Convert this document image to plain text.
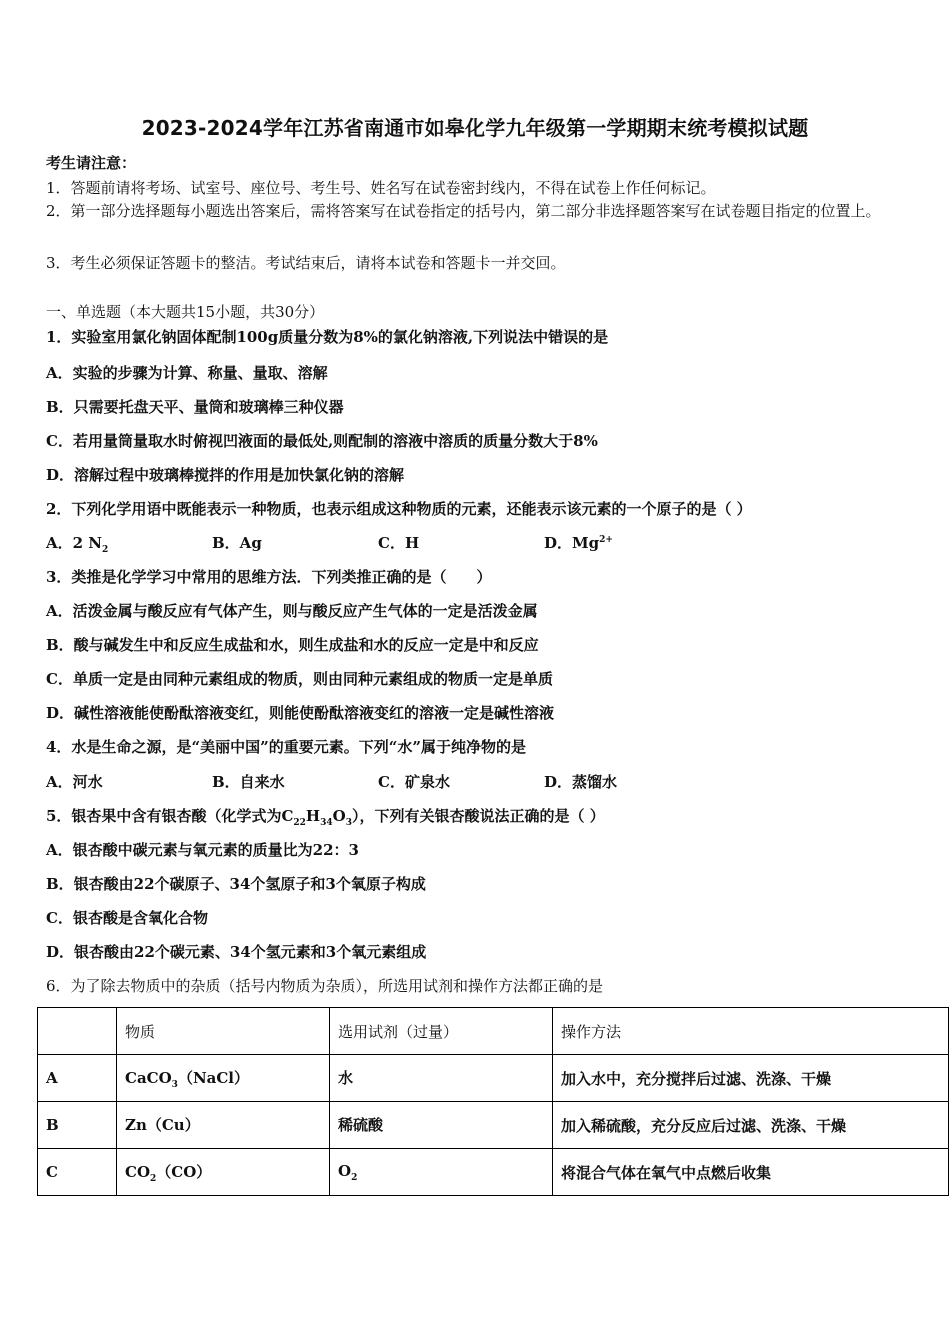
2023-2024学年江苏省南通市如皋化学九年级第一学期期末统考模拟试题
考生请注意：
1．答题前请将考场、试室号、座位号、考生号、姓名写在试卷密封线内，不得在试卷上作任何标记。
2．第一部分选择题每小题选出答案后，需将答案写在试卷指定的括号内，第二部分非选择题答案写在试卷题目指定的位置上。
3．考生必须保证答题卡的整洁。考试结束后，请将本试卷和答题卡一并交回。
一、单选题（本大题共15小题，共30分）
1．实验室用氯化钠固体配制100g质量分数为8%的氯化钠溶液,下列说法中错误的是
A．实验的步骤为计算、称量、量取、溶解
B．只需要托盘天平、量筒和玻璃棒三种仪器
C．若用量筒量取水时俯视凹液面的最低处,则配制的溶液中溶质的质量分数大于8%
D．溶解过程中玻璃棒搅拌的作用是加快氯化钠的溶解
2．下列化学用语中既能表示一种物质，也表示组成这种物质的元素，还能表示该元素的一个原子的是（ ）
A．2 $N_2$	B．Ag	C．H	D．$Mg^{2+}$
3．类推是化学学习中常用的思维方法．下列类推正确的是（　　）
A．活泼金属与酸反应有气体产生，则与酸反应产生气体的一定是活泼金属
B．酸与碱发生中和反应生成盐和水，则生成盐和水的反应一定是中和反应
C．单质一定是由同种元素组成的物质，则由同种元素组成的物质一定是单质
D．碱性溶液能使酚酞溶液变红，则能使酚酞溶液变红的溶液一定是碱性溶液
4．水是生命之源，是“美丽中国”的重要元素。下列“水”属于纯净物的是
A．河水	B．自来水	C．矿泉水	D．蒸馏水
5．银杏果中含有银杏酸（化学式为$C_{22}H_{34}O_3$），下列有关银杏酸说法正确的是（ ）
A．银杏酸中碳元素与氧元素的质量比为22：3
B．银杏酸由22个碳原子、34个氢原子和3个氧原子构成
C．银杏酸是含氧化合物
D．银杏酸由22个碳元素、34个氢元素和3个氧元素组成
6．为了除去物质中的杂质（括号内物质为杂质），所选用试剂和操作方法都正确的是
	物质	选用试剂（过量）	操作方法
A	CaCO$_3$（NaCl）	水	加入水中，充分搅拌后过滤、洗涤、干燥
B	Zn（Cu）	稀硫酸	加入稀硫酸，充分反应后过滤、洗涤、干燥
C	$CO_2(CO)$	$O_2$	将混合气体在氧气中点燃后收集
